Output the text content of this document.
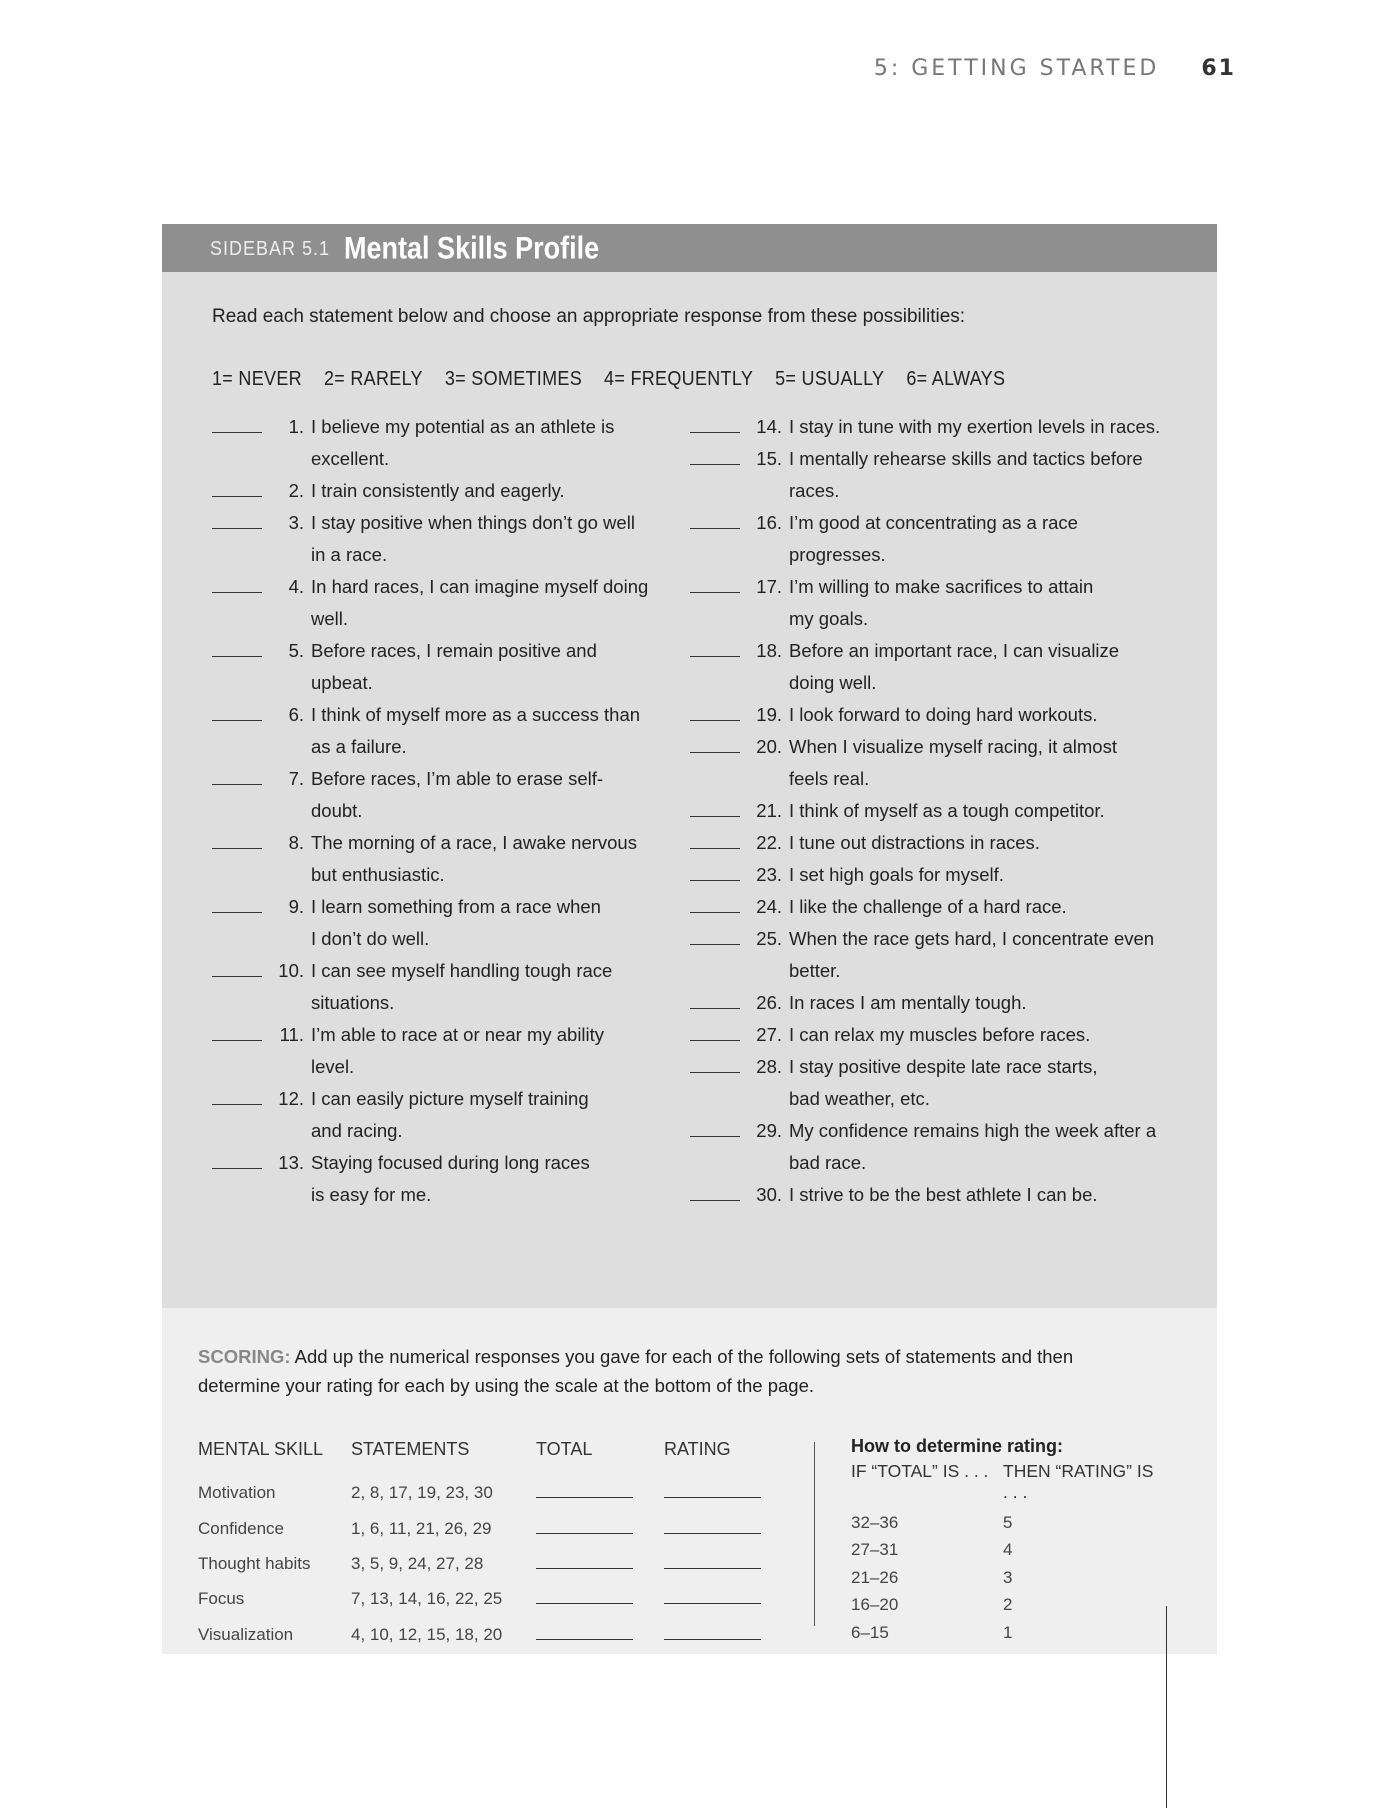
5: GETTING STARTED 61
SIDEBAR 5.1 Mental Skills Profile

Read each statement below and choose an appropriate response from these possibilities:

1= NEVER 2= RARELY 3= SOMETIMES 4= FREQUENTLY 5= USUALLY 6= ALWAYS
1. I believe my potential as an athlete is
excellent.
2. I train consistently and eagerly.
3. I stay positive when things don’t go well
in a race.
4. In hard races, I can imagine myself doing
well.
5. Before races, I remain positive and
upbeat.
6. I think of myself more as a success than
as a failure.
7. Before races, I’m able to erase self-
doubt.
8. The morning of a race, I awake nervous
but enthusiastic.
9. I learn something from a race when
I don’t do well.
10. I can see myself handling tough race
situations.
11. I’m able to race at or near my ability
level.
12. I can easily picture myself training
and racing.
13. Staying focused during long races
is easy for me.
14. I stay in tune with my exertion levels in races.
15. I mentally rehearse skills and tactics before
races.
16. I’m good at concentrating as a race
progresses.
17. I’m willing to make sacrifices to attain
my goals.
18. Before an important race, I can visualize
doing well.
19. I look forward to doing hard workouts.
20. When I visualize myself racing, it almost
feels real.
21. I think of myself as a tough competitor.
22. I tune out distractions in races.
23. I set high goals for myself.
24. I like the challenge of a hard race.
25. When the race gets hard, I concentrate even
better.
26. In races I am mentally tough.
27. I can relax my muscles before races.
28. I stay positive despite late race starts,
bad weather, etc.
29. My confidence remains high the week after a
bad race.
30. I strive to be the best athlete I can be.

SCORING: Add up the numerical responses you gave for each of the following sets of statements and then determine your rating for each by using the scale at the bottom of the page.

MENTAL SKILL	STATEMENTS	TOTAL	RATING
Motivation	2, 8, 17, 19, 23, 30		
Confidence	1, 6, 11, 21, 26, 29		
Thought habits	3, 5, 9, 24, 27, 28		
Focus	7, 13, 14, 16, 22, 25		
Visualization	4, 10, 12, 15, 18, 20		
How to determine rating:
IF “TOTAL” IS . . . THEN “RATING” IS . . .
32–36	5
27–31	4
21–26	3
16–20	2
6–15	1
